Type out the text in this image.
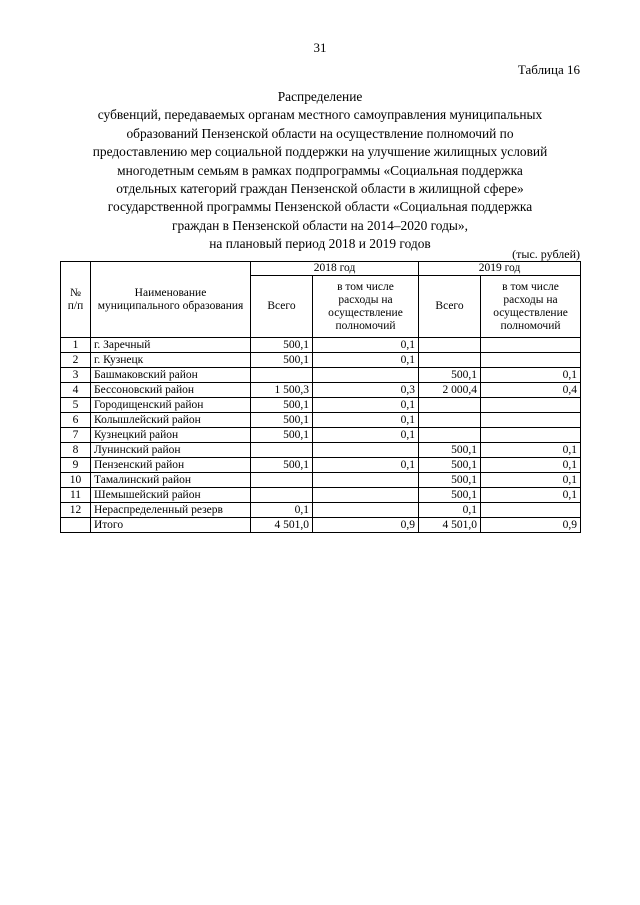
31
Таблица 16
Распределение
субвенций, передаваемых органам местного самоуправления муниципальных
образований Пензенской области на осуществление полномочий по
предоставлению мер социальной поддержки на улучшение жилищных условий
многодетным семьям в рамках подпрограммы «Социальная поддержка
отдельных категорий граждан Пензенской области в жилищной сфере»
государственной программы Пензенской области «Социальная поддержка
граждан в Пензенской области на 2014–2020 годы»,
на плановый период 2018 и 2019 годов
(тыс. рублей)
№ п/п	Наименование муниципального образования	2018 год		2019 год	
		Всего	в том числе расходы на осуществление полномочий	Всего	в том числе расходы на осуществление полномочий
1	г. Заречный	500,1	0,1		
2	г. Кузнецк	500,1	0,1		
3	Башмаковский район			500,1	0,1
4	Бессоновский район	1 500,3	0,3	2 000,4	0,4
5	Городищенский район	500,1	0,1		
6	Колышлейский район	500,1	0,1		
7	Кузнецкий район	500,1	0,1		
8	Лунинский район			500,1	0,1
9	Пензенский район	500,1	0,1	500,1	0,1
10	Тамалинский район			500,1	0,1
11	Шемышейский район			500,1	0,1
12	Нераспределенный резерв	0,1		0,1	
	Итого	4 501,0	0,9	4 501,0	0,9
